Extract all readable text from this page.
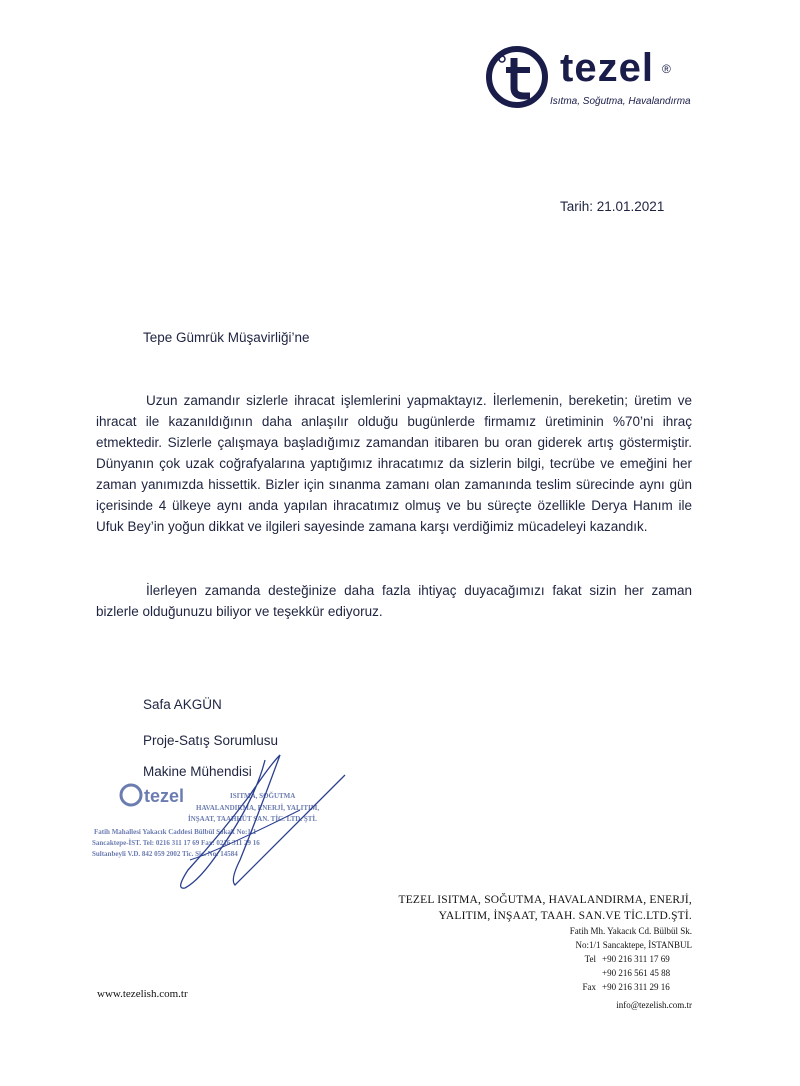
tezel ®
Isıtma, Soğutma, Havalandırma
Tarih: 21.01.2021
Tepe Gümrük Müşavirliği’ne
Uzun zamandır sizlerle ihracat işlemlerini yapmaktayız. İlerlemenin, bereketin; üretim ve ihracat ile kazanıldığının daha anlaşılır olduğu bugünlerde firmamız üretiminin %70’ni ihraç etmektedir. Sizlerle çalışmaya başladığımız zamandan itibaren bu oran giderek artış göstermiştir. Dünyanın çok uzak coğrafyalarına yaptığımız ihracatımız da sizlerin bilgi, tecrübe ve emeğini her zaman yanımızda hissettik. Bizler için sınanma zamanı olan zamanında teslim sürecinde aynı gün içerisinde 4 ülkeye aynı anda yapılan ihracatımız olmuş ve bu süreçte özellikle Derya Hanım ile Ufuk Bey’in yoğun dikkat ve ilgileri sayesinde zamana karşı verdiğimiz mücadeleyi kazandık.
İlerleyen zamanda desteğinize daha fazla ihtiyaç duyacağımızı fakat sizin her zaman bizlerle olduğunuzu biliyor ve teşekkür ediyoruz.
Safa AKGÜN
Proje-Satış Sorumlusu
Makine Mühendisi
tezel	ISITMA, SOĞUTMA
HAVALANDIRMA, ENERJİ, YALITIM,
İNŞAAT, TAAHHÜT SAN. TİC. LTD. ŞTİ.
Fatih Mahallesi Yakacık Caddesi Bülbül Sokak No:1/1
Sancaktepe-İST. Tel: 0216 311 17 69 Fax: 0216 311 29 16
Sultanbeyli V.D. 842 059 2002 Tic. Sic. No: 14584
TEZEL ISITMA, SOĞUTMA, HAVALANDIRMA, ENERJİ,
YALITIM, İNŞAAT, TAAH. SAN.VE TİC.LTD.ŞTİ.
Fatih Mh. Yakacık Cd. Bülbül Sk.
No:1/1 Sancaktepe, İSTANBUL
Tel +90 216 311 17 69
+90 216 561 45 88
Fax +90 216 311 29 16
info@tezelish.com.tr
www.tezelish.com.tr
